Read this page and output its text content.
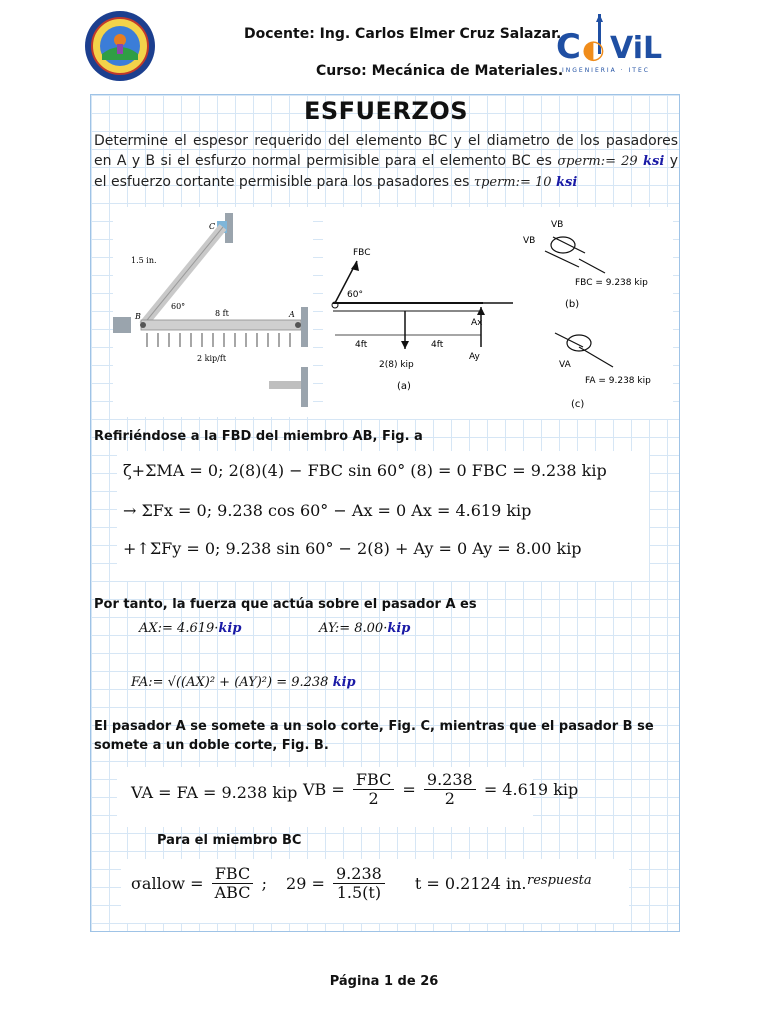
Docente: Ing. Carlos Elmer Cruz Salazar.
Curso: Mecánica de Materiales.
C ◐ ViL
INGENIERIA · ITEC
ESFUERZOS
Determine el espesor requerido del elemento BC y el diametro de los pasadores en A y B si el esfurzo normal permisible para el elemento BC es σperm:= 29 ksi y el esfuerzo cortante permisible para los pasadores es τperm:= 10 ksi
C
B	A
1.5 in.
60°
8 ft
2 kip/ft
FBC
60°
Ax
Ay
4ft	4ft
2(8) kip
(a)
VB
VB
FBC = 9.238 kip
(b)
VA
FA = 9.238 kip
(c)
Refiriéndose a la FBD del miembro AB, Fig. a
ζ+ΣMA = 0; 2(8)(4) − FBC sin 60° (8) = 0 FBC = 9.238 kip
→ ΣFx = 0; 9.238 cos 60° − Ax = 0 Ax = 4.619 kip
+↑ΣFy = 0; 9.238 sin 60° − 2(8) + Ay = 0 Ay = 8.00 kip
Por tanto, la fuerza que actúa sobre el pasador A es
AX:= 4.619·kip	AY:= 8.00·kip
FA:= √((AX)² + (AY)²) = 9.238 kip
El pasador A se somete a un solo corte, Fig. C, mientras que el pasador B se somete a un doble corte, Fig. B.
VA = FA = 9.238 kip VB = $\frac{\text{FBC}}{2} = \frac{9.238}{2} = 4.619$ kip
Para el miembro BC
σallow = $\frac{\text{FBC}}{\text{ABC}}$ ; $29 = \frac{9.238}{1.5(t)}$ t = 0.2124 in. respuesta
Página 1 de 26
